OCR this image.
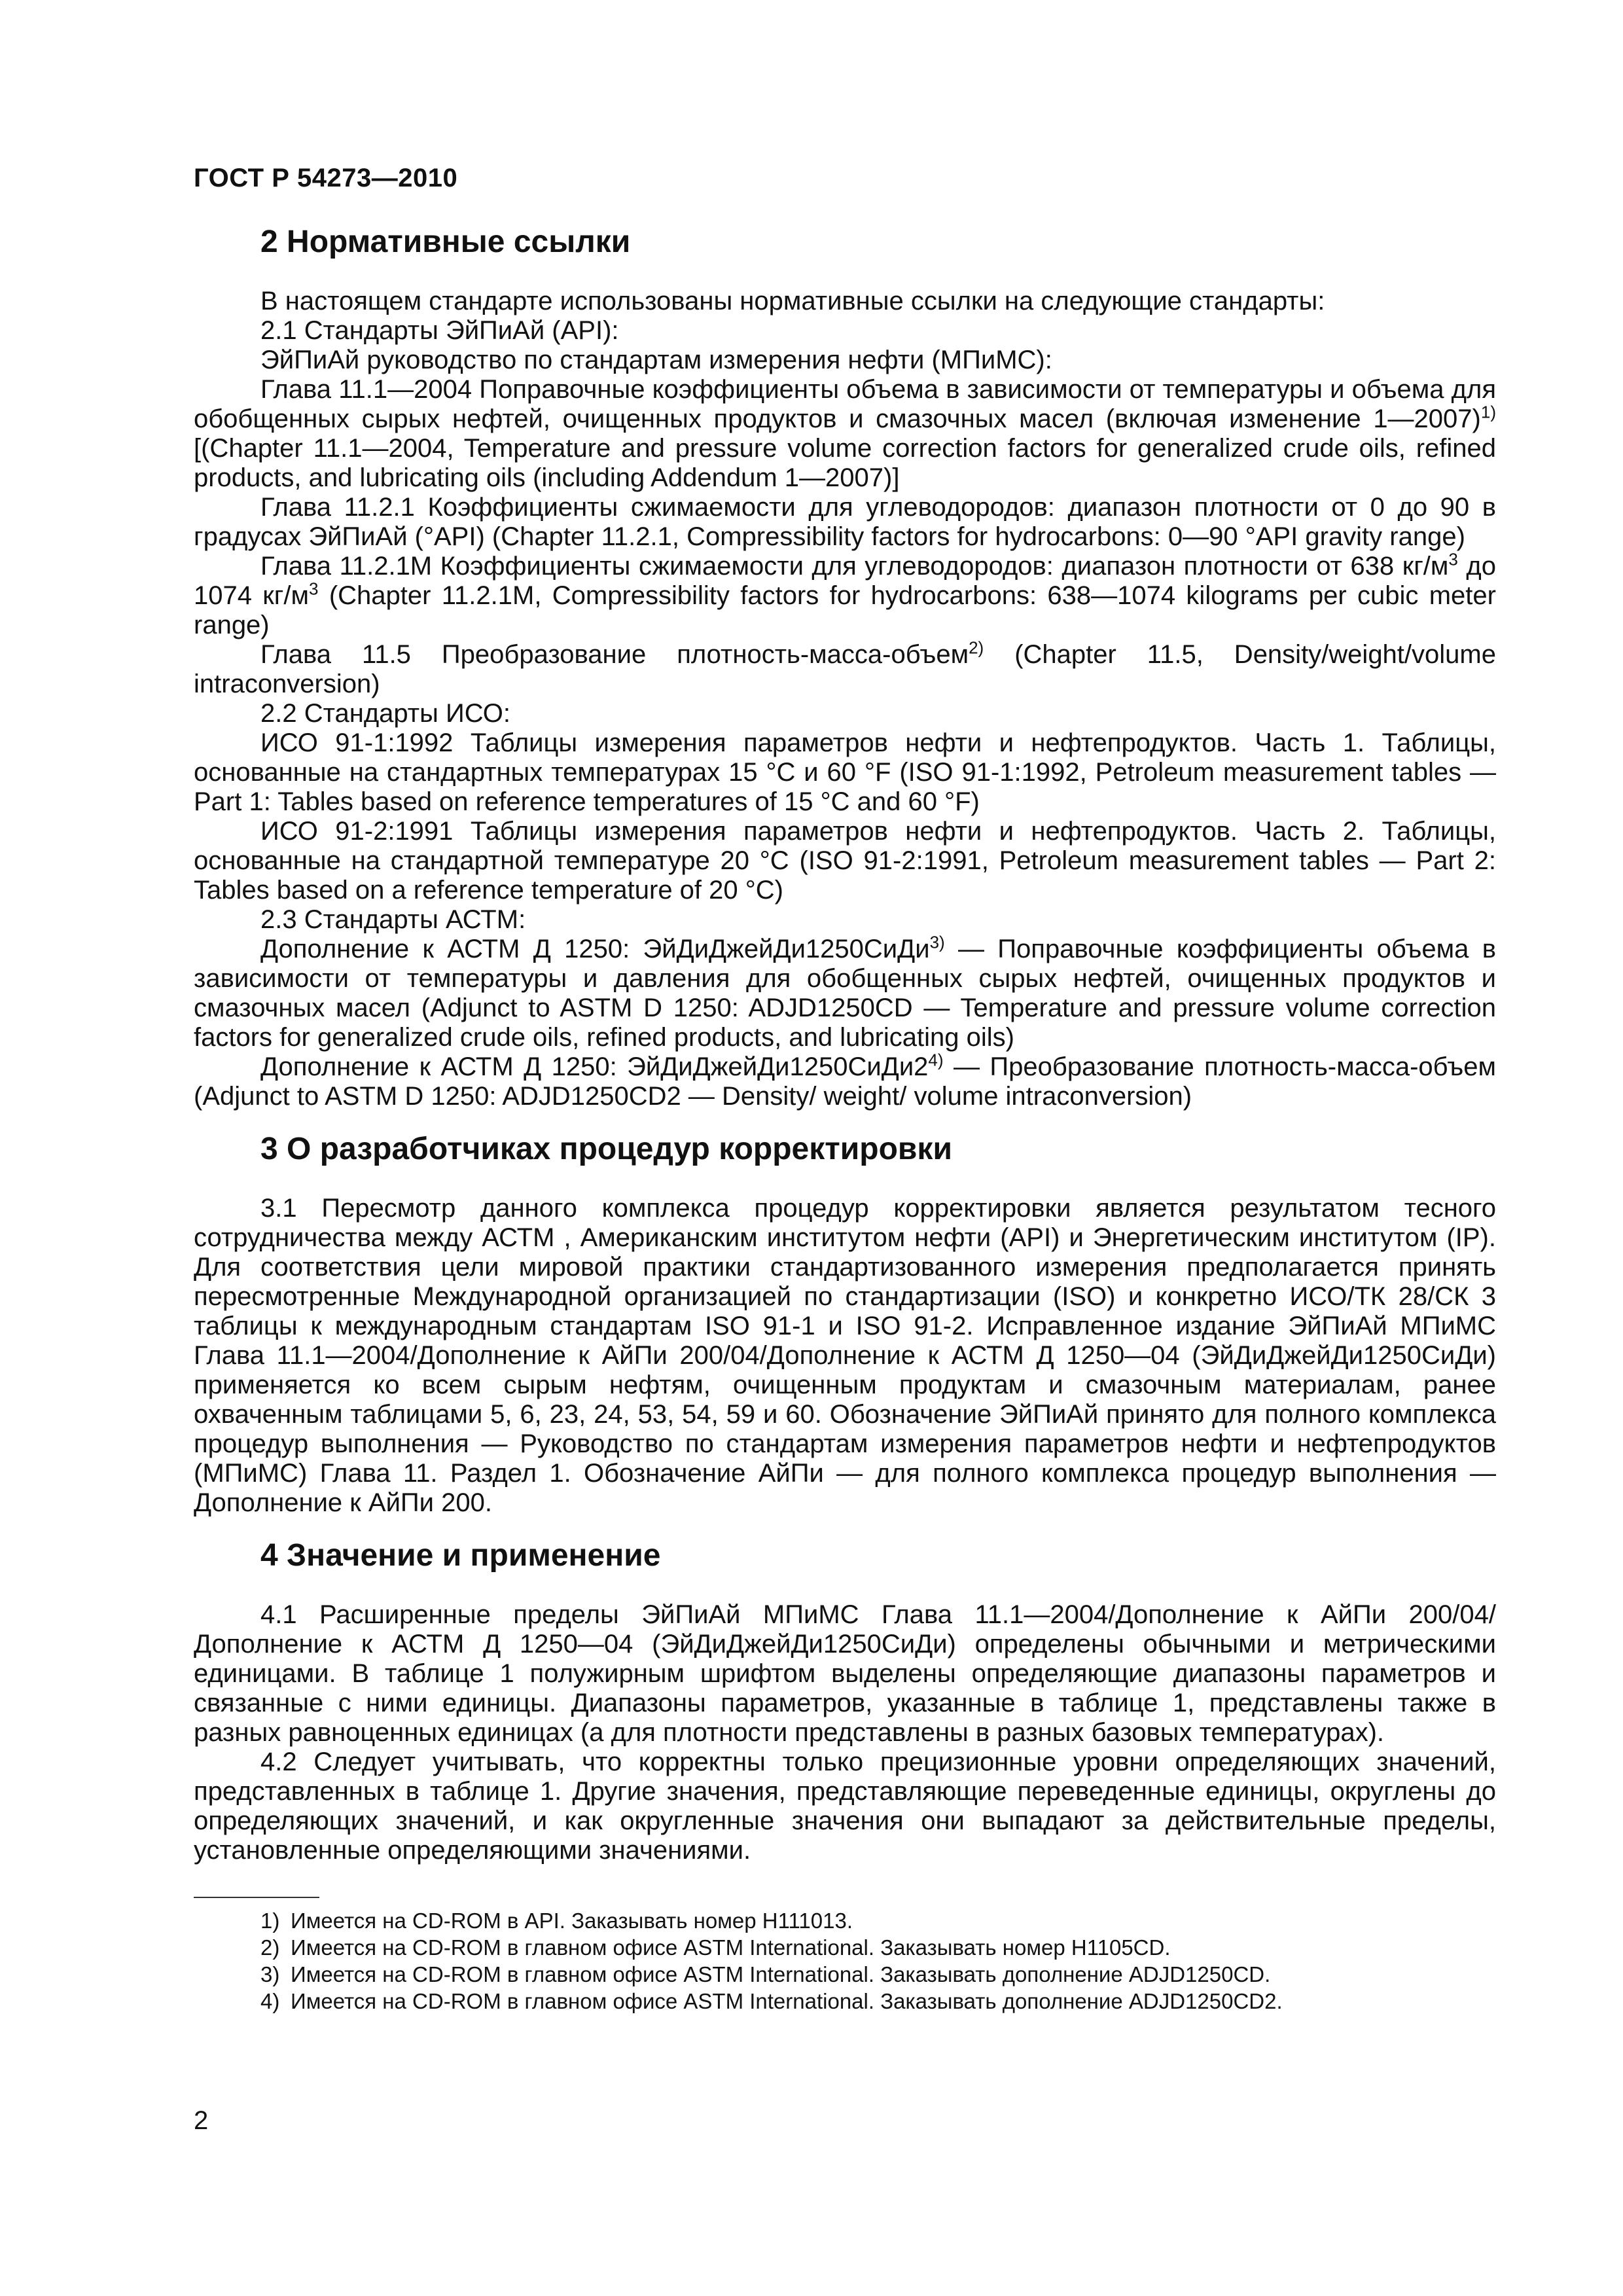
ГОСТ Р 54273—2010
2 Нормативные ссылки

В настоящем стандарте использованы нормативные ссылки на следующие стандарты:

2.1 Стандарты ЭйПиАй (API):

ЭйПиАй руководство по стандартам измерения нефти (МПиМС):

Глава 11.1—2004 Поправочные коэффициенты объема в зависимости от температуры и объема для обобщенных сырых нефтей, очищенных продуктов и смазочных масел (включая изменение 1—2007)$^{1)}$ [(Chapter 11.1—2004, Temperature and pressure volume correction factors for generalized crude oils, refined products, and lubricating oils (including Addendum 1—2007)]

Глава 11.2.1 Коэффициенты сжимаемости для углеводородов: диапазон плотности от 0 до 90 в градусах ЭйПиАй (°API) (Chapter 11.2.1, Compressibility factors for hydrocarbons: 0—90 °API gravity range)

Глава 11.2.1М Коэффициенты сжимаемости для углеводородов: диапазон плотности от 638 $кг/м^3$ до 1074 $кг/м^3$ (Chapter 11.2.1M, Compressibility factors for hydrocarbons: 638—1074 kilograms per cubic meter range)

Глава 11.5 Преобразование плотность-масса-объем$^{2)}$ (Chapter 11.5, Density/weight/volume intraconversion)

2.2 Стандарты ИСО:

ИСО 91-1:1992 Таблицы измерения параметров нефти и нефтепродуктов. Часть 1. Таблицы, основанные на стандартных температурах 15 °С и 60 °F (ISO 91-1:1992, Petroleum measurement tables — Part 1: Tables based on reference temperatures of 15 °C and 60 °F)

ИСО 91-2:1991 Таблицы измерения параметров нефти и нефтепродуктов. Часть 2. Таблицы, основанные на стандартной температуре 20 °С (ISO 91-2:1991, Petroleum measurement tables — Part 2: Tables based on a reference temperature of 20 °C)

2.3 Стандарты АСТМ:

Дополнение к АСТМ Д 1250: ЭйДиДжейДи1250СиДи$^{3)}$ — Поправочные коэффициенты объема в зависимости от температуры и давления для обобщенных сырых нефтей, очищенных продуктов и смазочных масел (Adjunct to ASTM D 1250: ADJD1250CD — Temperature and pressure volume correction factors for generalized crude oils, refined products, and lubricating oils)

Дополнение к АСТМ Д 1250: ЭйДиДжейДи1250СиДи2$^{4)}$ — Преобразование плотность-масса-объем (Adjunct to ASTM D 1250: ADJD1250CD2 — Density/ weight/ volume intraconversion)

3 О разработчиках процедур корректировки

3.1 Пересмотр данного комплекса процедур корректировки является результатом тесного сотрудничества между АСТМ , Американским институтом нефти (API) и Энергетическим институтом (IP). Для соответствия цели мировой практики стандартизованного измерения предполагается принять пересмотренные Международной организацией по стандартизации (ISO) и конкретно ИСО/ТК 28/СК 3 таблицы к международным стандартам ISO 91-1 и ISO 91-2. Исправленное издание ЭйПиАй МПиМС Глава 11.1—2004/Дополнение к АйПи 200/04/Дополнение к АСТМ Д 1250—04 (ЭйДиДжейДи1250СиДи) применяется ко всем сырым нефтям, очищенным продуктам и смазочным материалам, ранее охваченным таблицами 5, 6, 23, 24, 53, 54, 59 и 60. Обозначение ЭйПиАй принято для полного комплекса процедур выполнения — Руководство по стандартам измерения параметров нефти и нефтепродуктов (МПиМС) Глава 11. Раздел 1. Обозначение АйПи — для полного комплекса процедур выполнения — Дополнение к АйПи 200.

4 Значение и применение

4.1 Расширенные пределы ЭйПиАй МПиМС Глава 11.1—2004/Дополнение к АйПи 200/04/Дополнение к АСТМ Д 1250—04 (ЭйДиДжейДи1250СиДи) определены обычными и метрическими единицами. В таблице 1 полужирным шрифтом выделены определяющие диапазоны параметров и связанные с ними единицы. Диапазоны параметров, указанные в таблице 1, представлены также в разных равноценных единицах (а для плотности представлены в разных базовых температурах).

4.2 Следует учитывать, что корректны только прецизионные уровни определяющих значений, представленных в таблице 1. Другие значения, представляющие переведенные единицы, округлены до определяющих значений, и как округленные значения они выпадают за действительные пределы, установленные определяющими значениями.

1) Имеется на CD-ROM в API. Заказывать номер H111013.
2) Имеется на CD-ROM в главном офисе ASTM International. Заказывать номер H1105CD.
3) Имеется на CD-ROM в главном офисе ASTM International. Заказывать дополнение ADJD1250CD.
4) Имеется на CD-ROM в главном офисе ASTM International. Заказывать дополнение ADJD1250CD2.
2
